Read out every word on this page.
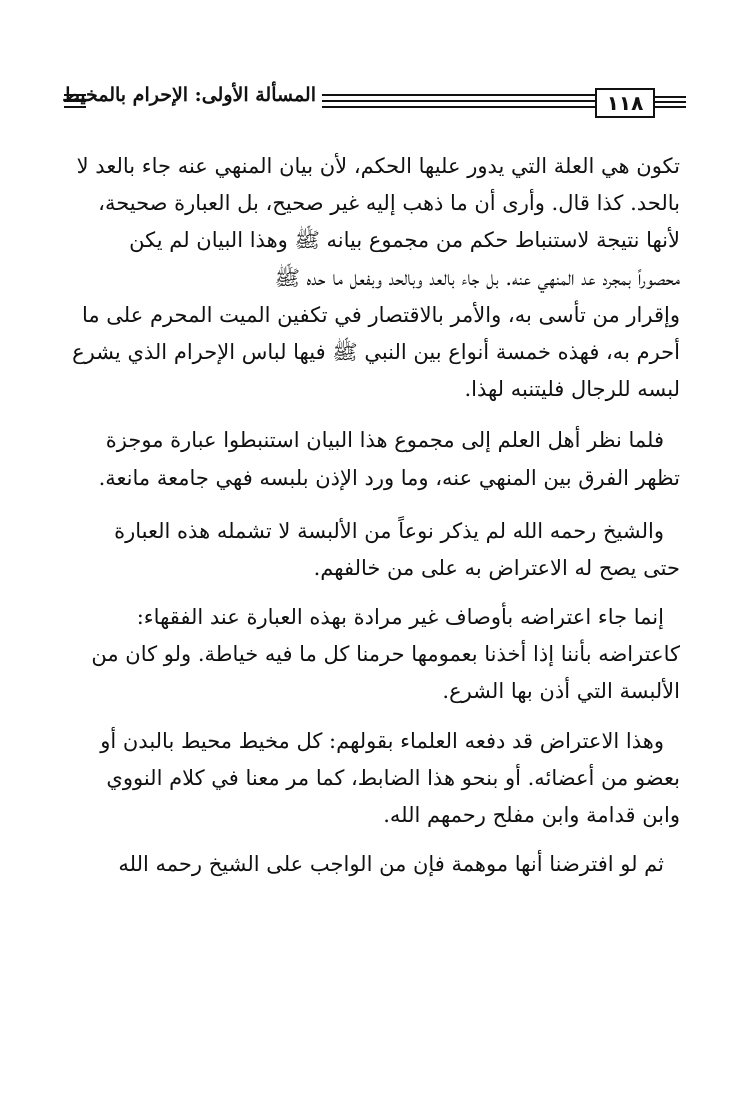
١١٨
المسألة الأولى: الإحرام بالمخيط
تكون هي العلة التي يدور عليها الحكم، لأن بيان المنهي عنه جاء بالعد لا
بالحد. كذا قال. وأرى أن ما ذهب إليه غير صحيح، بل العبارة صحيحة،
لأنها نتيجة لاستنباط حكم من مجموع بيانه ﷺ وهذا البيان لم يكن
محصوراً بمجرد عد المنهي عنه. بل جاء بالعد وبالحد وبفعل ما حده ﷺ
وإقرار من تأسى به، والأمر بالاقتصار في تكفين الميت المحرم على ما
أحرم به، فهذه خمسة أنواع بين النبي ﷺ فيها لباس الإحرام الذي يشرع
لبسه للرجال فليتنبه لهذا.
فلما نظر أهل العلم إلى مجموع هذا البيان استنبطوا عبارة موجزة
تظهر الفرق بين المنهي عنه، وما ورد الإذن بلبسه فهي جامعة مانعة.
والشيخ رحمه الله لم يذكر نوعاً من الألبسة لا تشمله هذه العبارة
حتى يصح له الاعتراض به على من خالفهم.
إنما جاء اعتراضه بأوصاف غير مرادة بهذه العبارة عند الفقهاء:
كاعتراضه بأننا إذا أخذنا بعمومها حرمنا كل ما فيه خياطة. ولو كان من
الألبسة التي أذن بها الشرع.
وهذا الاعتراض قد دفعه العلماء بقولهم: كل مخيط محيط بالبدن أو
بعضو من أعضائه. أو بنحو هذا الضابط، كما مر معنا في كلام النووي
وابن قدامة وابن مفلح رحمهم الله.
ثم لو افترضنا أنها موهمة فإن من الواجب على الشيخ رحمه الله
